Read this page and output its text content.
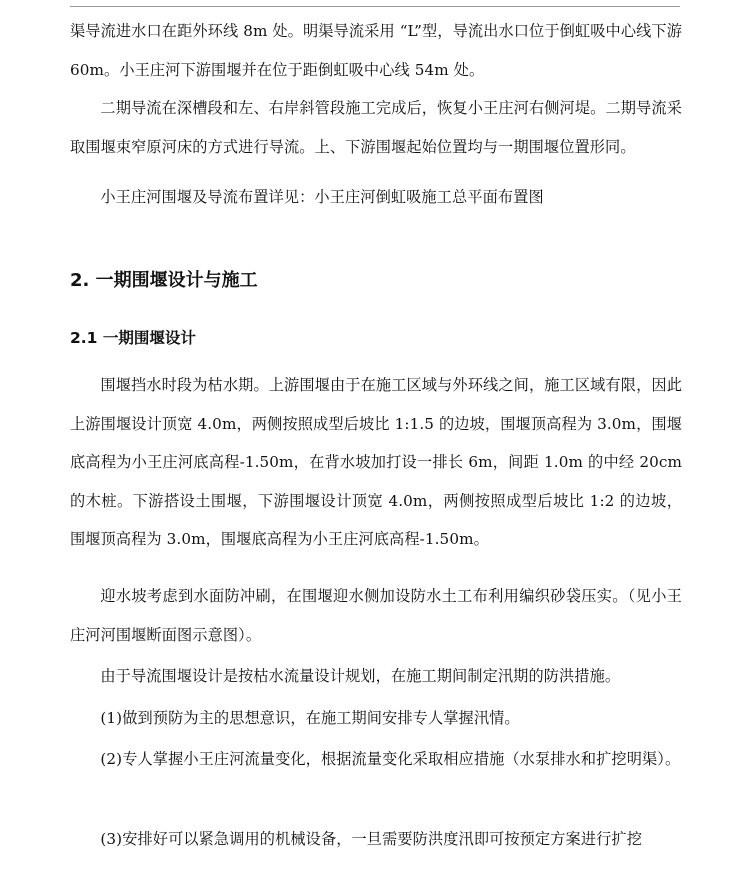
渠导流进水口在距外环线 8m 处。明渠导流采用 “L”型，导流出水口位于倒虹吸中心线下游 60m。小王庄河下游围堰并在位于距倒虹吸中心线 54m 处。

二期导流在深槽段和左、右岸斜管段施工完成后，恢复小王庄河右侧河堤。二期导流采取围堰束窄原河床的方式进行导流。上、下游围堰起始位置均与一期围堰位置形同。

小王庄河围堰及导流布置详见：小王庄河倒虹吸施工总平面布置图

2. 一期围堰设计与施工
2.1 一期围堰设计

围堰挡水时段为枯水期。上游围堰由于在施工区域与外环线之间，施工区域有限，因此上游围堰设计顶宽 4.0m，两侧按照成型后坡比 1:1.5 的边坡，围堰顶高程为 3.0m，围堰底高程为小王庄河底高程-1.50m，在背水坡加打设一排长 6m，间距 1.0m 的中经 20cm 的木桩。下游搭设土围堰，下游围堰设计顶宽 4.0m，两侧按照成型后坡比 1:2 的边坡，围堰顶高程为 3.0m，围堰底高程为小王庄河底高程-1.50m。

迎水坡考虑到水面防冲刷，在围堰迎水侧加设防水土工布利用编织砂袋压实。（见小王庄河河围堰断面图示意图）。

由于导流围堰设计是按枯水流量设计规划，在施工期间制定汛期的防洪措施。

(1)做到预防为主的思想意识，在施工期间安排专人掌握汛情。

(2)专人掌握小王庄河流量变化，根据流量变化采取相应措施（水泵排水和扩挖明渠）。

(3)安排好可以紧急调用的机械设备，一旦需要防洪度汛即可按预定方案进行扩挖
